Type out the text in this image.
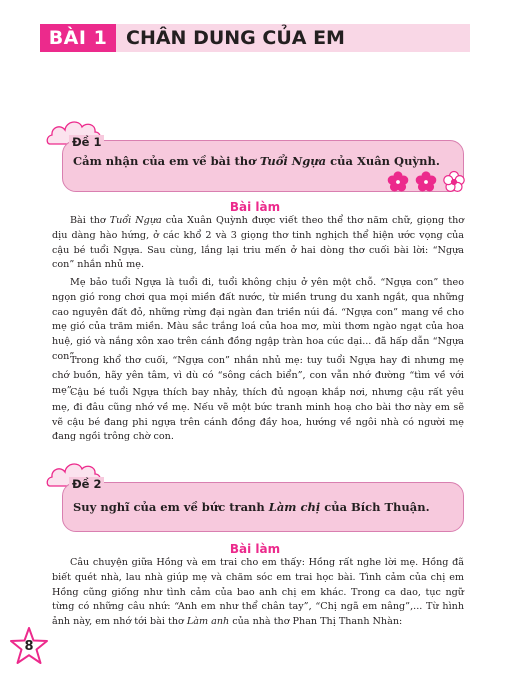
BÀI 1 CHÂN DUNG CỦA EM
Đề 1
Cảm nhận của em về bài thơ Tuổi Ngựa của Xuân Quỳnh.
Bài làm

Bài thơ Tuổi Ngựa của Xuân Quỳnh được viết theo thể thơ năm chữ, giọng thơ dịu dàng hào hứng, ở các khổ 2 và 3 giọng thơ tinh nghịch thể hiện ước vọng của cậu bé tuổi Ngựa. Sau cùng, lắng lại triu mến ở hai dòng thơ cuối bài lời: “Ngựa con” nhắn nhủ mẹ.

Mẹ bảo tuổi Ngựa là tuổi đi, tuổi không chịu ở yên một chỗ. “Ngựa con” theo ngọn gió rong chơi qua mọi miền đất nước, từ miền trung du xanh ngắt, qua những cao nguyên đất đỏ, những rừng đại ngàn đan triền núi đá. “Ngựa con” mang về cho mẹ gió của trăm miền. Màu sắc trắng loá của hoa mơ, mùi thơm ngào ngạt của hoa huệ, gió và nắng xôn xao trên cánh đồng ngập tràn hoa cúc dại... đã hấp dẫn “Ngựa con”.

Trong khổ thơ cuối, “Ngựa con” nhắn nhủ mẹ: tuy tuổi Ngựa hay đi nhưng mẹ chớ buồn, hãy yên tâm, vì dù có “sông cách biển”, con vẫn nhớ đường “tìm về với mẹ”.

Cậu bé tuổi Ngựa thích bay nhảy, thích đủ ngoạn khắp nơi, nhưng cậu rất yêu mẹ, đi đâu cũng nhớ về mẹ. Nếu vẽ một bức tranh minh hoạ cho bài thơ này em sẽ vẽ cậu bé đang phi ngựa trên cánh đồng đầy hoa, hướng về ngôi nhà có người mẹ đang ngồi trông chờ con.

Đề 2
Suy nghĩ của em về bức tranh Làm chị của Bích Thuận.
Bài làm

Câu chuyện giữa Hồng và em trai cho em thấy: Hồng rất nghe lời mẹ. Hồng đã biết quét nhà, lau nhà giúp mẹ và chăm sóc em trai học bài. Tình cảm của chị em Hồng cũng giống như tình cảm của bao anh chị em khác. Trong ca dao, tục ngữ từng có những câu nhứ: “Anh em như thể chân tay”, “Chị ngã em nâng”,... Từ hình ảnh này, em nhớ tới bài thơ Làm anh của nhà thơ Phan Thị Thanh Nhàn:

8
